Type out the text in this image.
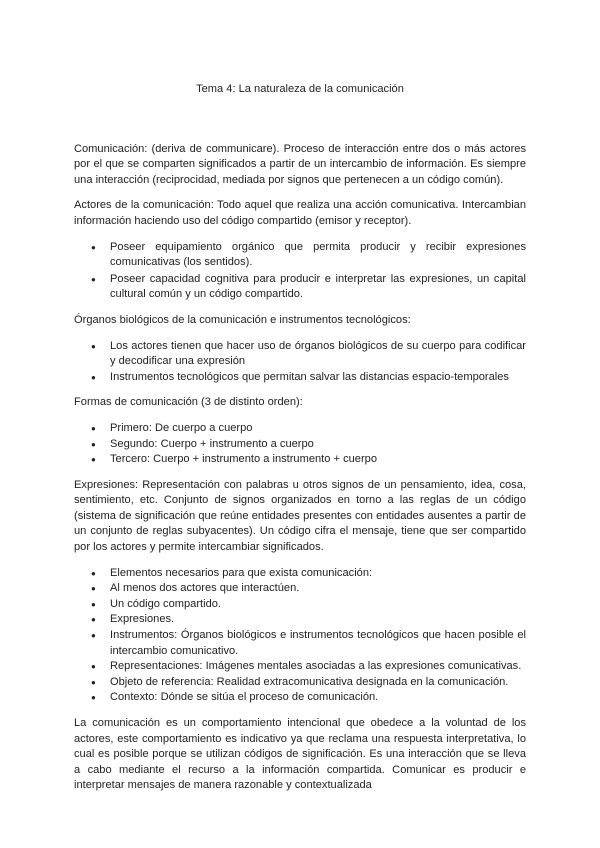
Tema 4: La naturaleza de la comunicación

Comunicación: (deriva de communicare). Proceso de interacción entre dos o más actores por el que se comparten significados a partir de un intercambio de información. Es siempre una interacción (reciprocidad, mediada por signos que pertenecen a un código común).

Actores de la comunicación: Todo aquel que realiza una acción comunicativa. Intercambian información haciendo uso del código compartido (emisor y receptor).

● Poseer equipamiento orgánico que permita producir y recibir expresiones comunicativas (los sentidos).
● Poseer capacidad cognitiva para producir e interpretar las expresiones, un capital cultural común y un código compartido.

Órganos biológicos de la comunicación e instrumentos tecnológicos:

● Los actores tienen que hacer uso de órganos biológicos de su cuerpo para codificar y decodificar una expresión
● Instrumentos tecnológicos que permitan salvar las distancias espacio-temporales

Formas de comunicación (3 de distinto orden):

● Primero: De cuerpo a cuerpo
● Segundo: Cuerpo + instrumento a cuerpo
● Tercero: Cuerpo + instrumento a instrumento + cuerpo

Expresiones: Representación con palabras u otros signos de un pensamiento, idea, cosa, sentimiento, etc. Conjunto de signos organizados en torno a las reglas de un código (sistema de significación que reúne entidades presentes con entidades ausentes a partir de un conjunto de reglas subyacentes). Un código cifra el mensaje, tiene que ser compartido por los actores y permite intercambiar significados.

● Elementos necesarios para que exista comunicación:
● Al menos dos actores que interactúen.
● Un código compartido.
● Expresiones.
● Instrumentos: Órganos biológicos e instrumentos tecnológicos que hacen posible el intercambio comunicativo.
● Representaciones: Imágenes mentales asociadas a las expresiones comunicativas.
● Objeto de referencia: Realidad extracomunicativa designada en la comunicación.
● Contexto: Dónde se sitúa el proceso de comunicación.

La comunicación es un comportamiento intencional que obedece a la voluntad de los actores, este comportamiento es indicativo ya que reclama una respuesta interpretativa, lo cual es posible porque se utilizan códigos de significación. Es una interacción que se lleva a cabo mediante el recurso a la información compartida. Comunicar es producir e interpretar mensajes de manera razonable y contextualizada
